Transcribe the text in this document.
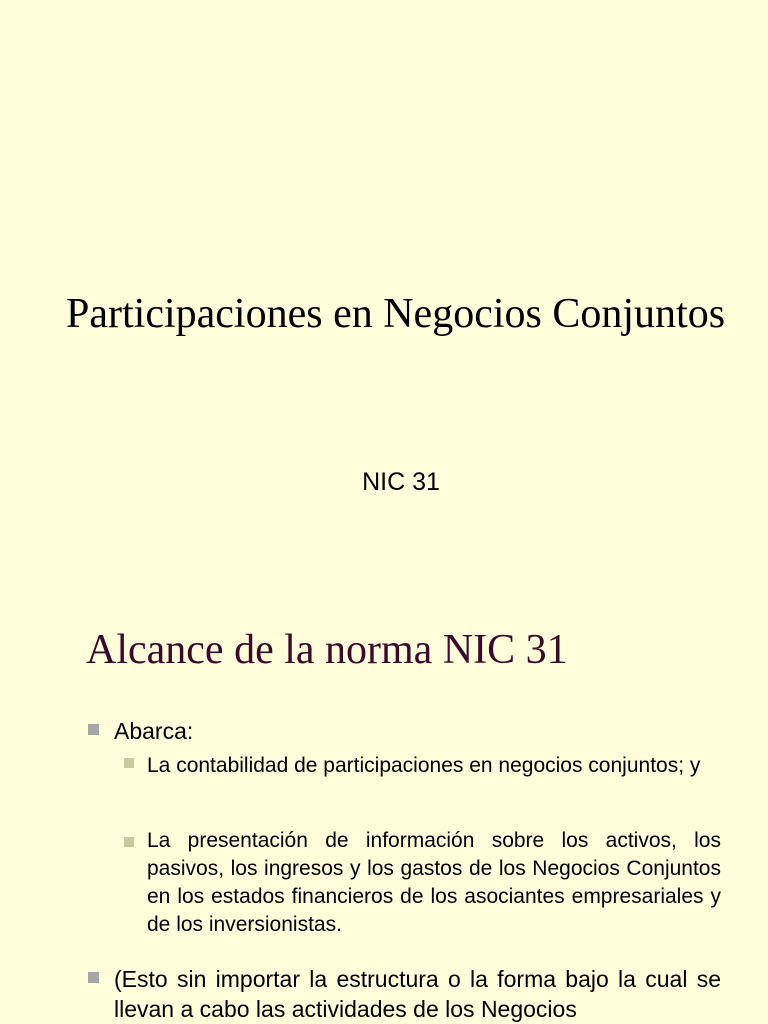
Participaciones en Negocios Conjuntos

NIC 31

Alcance de la norma NIC 31
Abarca:
La contabilidad de participaciones en negocios conjuntos; y
La presentación de información sobre los activos, los pasivos, los ingresos y los gastos de los Negocios Conjuntos en los estados financieros de los asociantes empresariales y de los inversionistas.
(Esto sin importar la estructura o la forma bajo la cual se llevan a cabo las actividades de los Negocios
